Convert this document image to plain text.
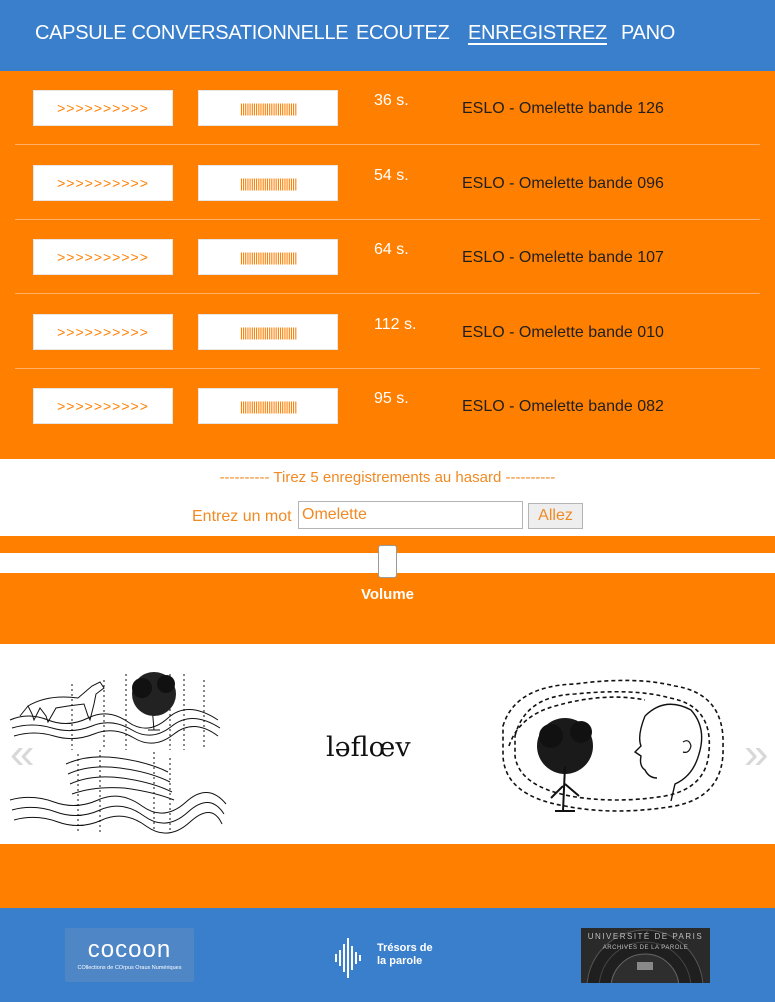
CAPSULE CONVERSATIONNELLE ECOUTEZ ENREGISTREZ PANO
>>>>>>>>>>	||||||||||||||||||||||||||	36 s.	ESLO - Omelette bande 126
>>>>>>>>>>	||||||||||||||||||||||||||	54 s.	ESLO - Omelette bande 096
>>>>>>>>>>	||||||||||||||||||||||||||	64 s.	ESLO - Omelette bande 107
>>>>>>>>>>	||||||||||||||||||||||||||	112 s.	ESLO - Omelette bande 010
>>>>>>>>>>	||||||||||||||||||||||||||	95 s.	ESLO - Omelette bande 082
---------- Tirez 5 enregistrements au hasard ----------
Entrez un mot
Omelette	Allez
Volume
ləflœv
«	»
cocoon
COllections de COrpus Oraux Numériques
Trésors de
la parole
UNIVERSITÉ DE PARIS
ARCHIVES DE LA PAROLE
